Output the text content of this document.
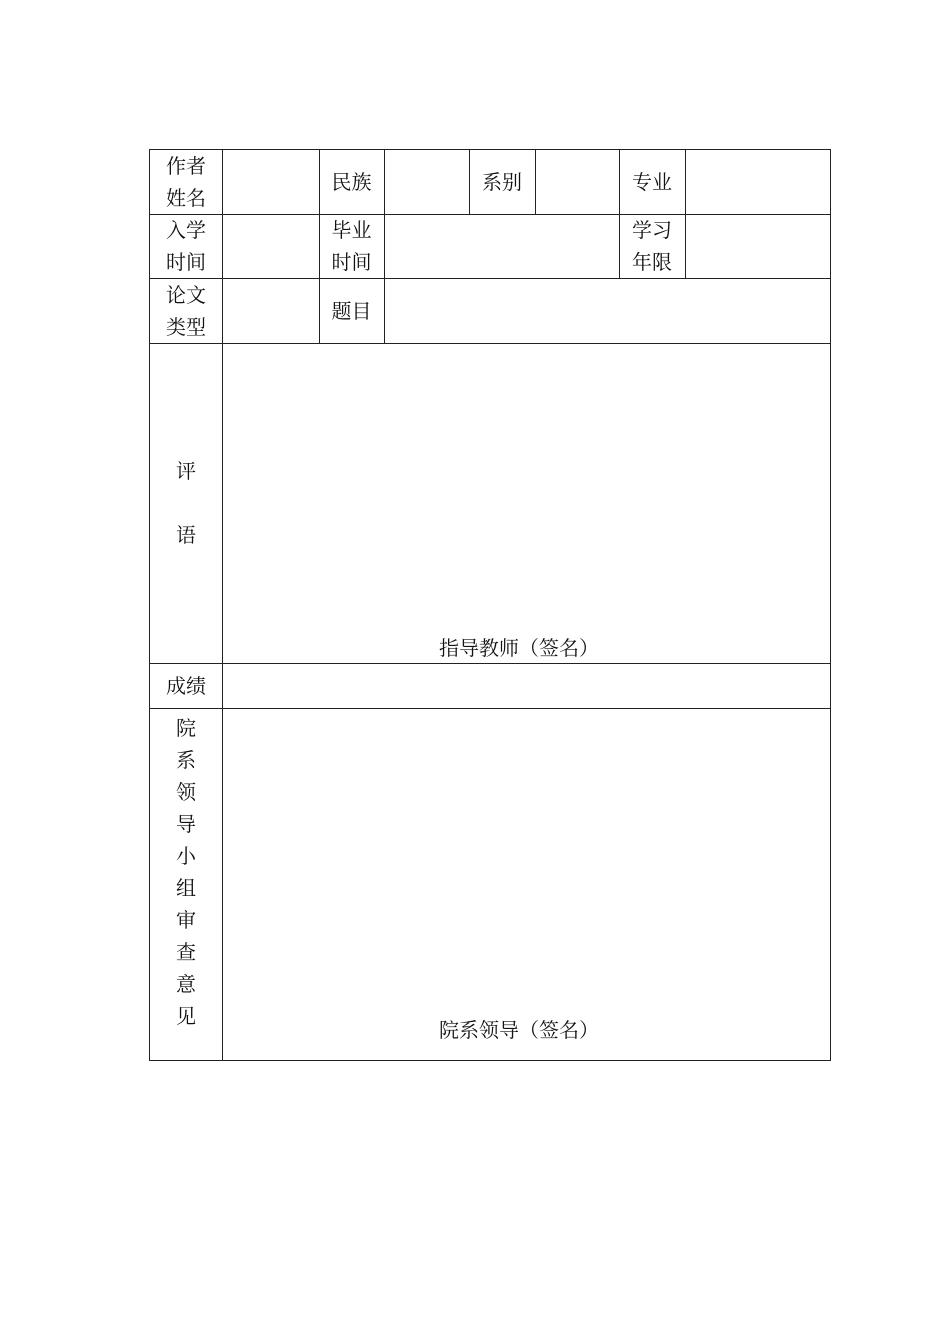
作者
姓名
民族	系别	专业
入学
时间
毕业
时间
学习
年限
论文
类型
题目
评
语
指导教师（签名）
成绩
院
系
领
导
小
组
审
查
意
见
院系领导（签名）
